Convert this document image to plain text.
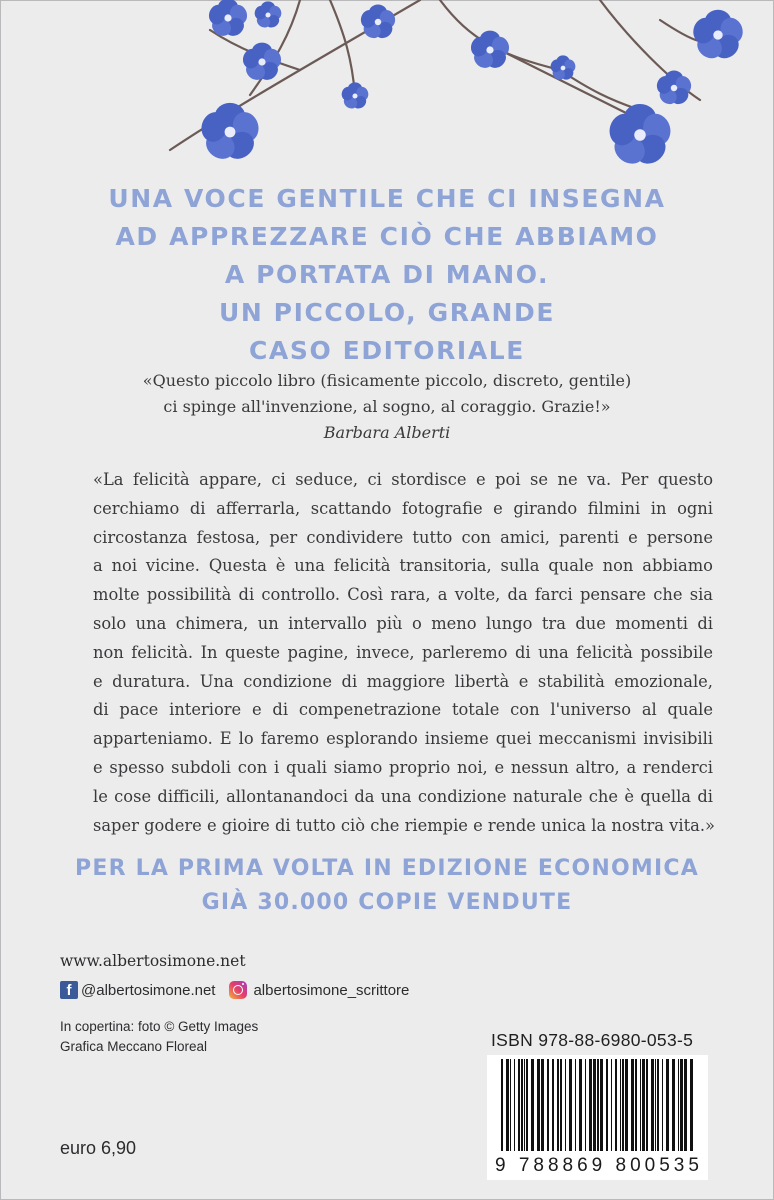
UNA VOCE GENTILE CHE CI INSEGNA
AD APPREZZARE CIÒ CHE ABBIAMO
A PORTATA DI MANO.
UN PICCOLO, GRANDE
CASO EDITORIALE
«Questo piccolo libro (fisicamente piccolo, discreto, gentile)
ci spinge all'invenzione, al sogno, al coraggio. Grazie!»
Barbara Alberti
«La felicità appare, ci seduce, ci stordisce e poi se ne va. Per questo
cerchiamo di afferrarla, scattando fotografie e girando filmini in ogni
circostanza festosa, per condividere tutto con amici, parenti e persone
a noi vicine. Questa è una felicità transitoria, sulla quale non abbiamo
molte possibilità di controllo. Così rara, a volte, da farci pensare che sia
solo una chimera, un intervallo più o meno lungo tra due momenti di
non felicità. In queste pagine, invece, parleremo di una felicità possibile
e duratura. Una condizione di maggiore libertà e stabilità emozionale,
di pace interiore e di compenetrazione totale con l'universo al quale
apparteniamo. E lo faremo esplorando insieme quei meccanismi invisibili
e spesso subdoli con i quali siamo proprio noi, e nessun altro, a renderci
le cose difficili, allontanandoci da una condizione naturale che è quella di
saper godere e gioire di tutto ciò che riempie e rende unica la nostra vita.»
PER LA PRIMA VOLTA IN EDIZIONE ECONOMICA
GIÀ 30.000 COPIE VENDUTE
www.albertosimone.net
f @albertosimone.net	albertosimone_scrittore
In copertina: foto © Getty Images
Grafica Meccano Floreal	ISBN 978-88-6980-053-5
9 788869 800535
euro 6,90
